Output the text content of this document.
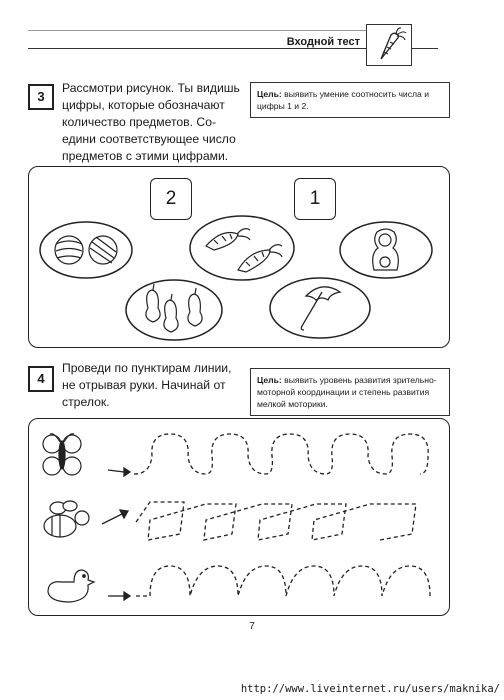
Входной тест
3
Рассмотри рисунок. Ты видишь
цифры, которые обозначают
количество предметов. Со-
едини соответствующее число
предметов с этими цифрами.
Цель: выявить умение соотносить числа и цифры 1 и 2.
2	1
4
Проведи по пунктирам линии,
не отрывая руки. Начинай от
стрелок.
Цель: выявить уровень развития зрительно-моторной координации и степень развития мелкой моторики.
7
http://www.liveinternet.ru/users/maknika/
